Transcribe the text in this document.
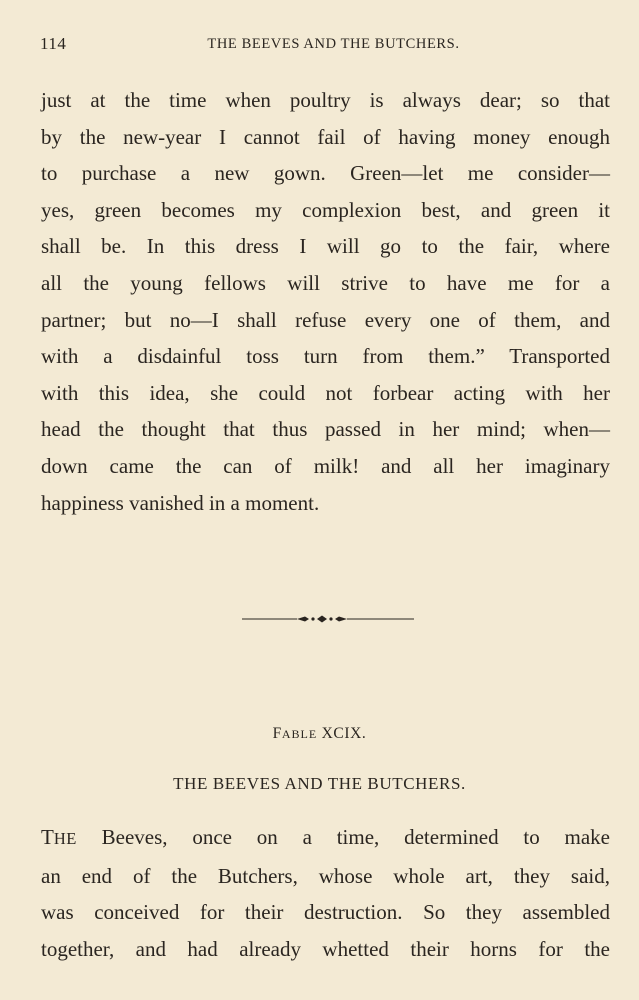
114	THE BEEVES AND THE BUTCHERS.
just at the time when poultry is always dear; so that
by the new-year I cannot fail of having money enough
to purchase a new gown. Green—let me consider—
yes, green becomes my complexion best, and green it
shall be. In this dress I will go to the fair, where
all the young fellows will strive to have me for a
partner; but no—I shall refuse every one of them, and
with a disdainful toss turn from them.” Transported
with this idea, she could not forbear acting with her
head the thought that thus passed in her mind; when—
down came the can of milk! and all her imaginary
happiness vanished in a moment.
FABLE XCIX.
THE BEEVES AND THE BUTCHERS.
THE Beeves, once on a time, determined to make
an end of the Butchers, whose whole art, they said,
was conceived for their destruction. So they assembled
together, and had already whetted their horns for the
